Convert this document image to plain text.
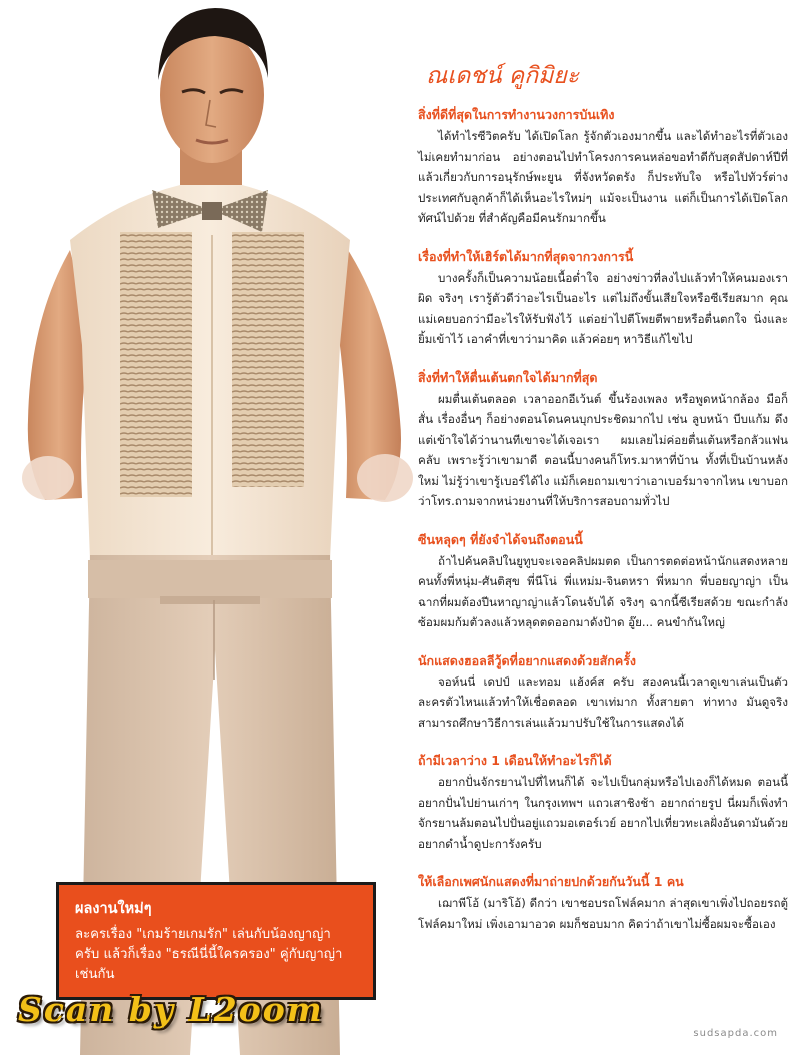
ณเดชน์ คูกิมิยะ

สิ่งที่ดีที่สุดในการทำงานวงการบันเทิง

ได้ทำไรซีวิตครับ ได้เปิดโลก รู้จักตัวเองมากขึ้น และได้ทำอะไรที่ตัวเองไม่เคยทำมาก่อน อย่างตอนไปทำโครงการคนหล่อขอทำดีกับสุดสัปดาห์ปีที่แล้วเกี่ยวกับการอนุรักษ์พะยูน ที่จังหวัดตรัง ก็ประทับใจ หรือไปทัวร์ต่างประเทศกับลูกค้าก็ได้เห็นอะไรใหม่ๆ แม้จะเป็นงาน แต่ก็เป็นการได้เปิดโลกทัศน์ไปด้วย ที่สำคัญคือมีคนรักมากขึ้น

เรื่องที่ทำให้เฮิร์ตได้มากที่สุดจากวงการนี้

บางครั้งก็เป็นความน้อยเนื้อต่ำใจ อย่างข่าวที่ลงไปแล้วทำให้คนมองเราผิด จริงๆ เรารู้ตัวดีว่าอะไรเป็นอะไร แต่ไม่ถึงขั้นเสียใจหรือซีเรียสมาก คุณแม่เคยบอกว่ามีอะไรให้รับฟังไว้ แต่อย่าไปตีโพยตีพายหรือตื่นตกใจ นิ่งและยิ้มเข้าไว้ เอาคำที่เขาว่ามาคิด แล้วค่อยๆ หาวิธีแก้ไขไป

สิ่งที่ทำให้ตื่นเต้นตกใจได้มากที่สุด

ผมตื่นเต้นตลอด เวลาออกอีเว้นต์ ขึ้นร้องเพลง หรือพูดหน้ากล้อง มือก็สั่น เรื่องอื่นๆ ก็อย่างตอนโดนคนบุกประชิดมากไป เช่น ลูบหน้า บีบแก้ม ดึง แต่เข้าใจได้ว่านานทีเขาจะได้เจอเรา ผมเลยไม่ค่อยตื่นเต้นหรือกลัวแฟนคลับ เพราะรู้ว่าเขามาดี ตอนนี้บางคนก็โทร.มาหาที่บ้าน ทั้งที่เป็นบ้านหลังใหม่ ไม่รู้ว่าเขารู้เบอร์ได้ไง แม้ก็เคยถามเขาว่าเอาเบอร์มาจากไหน เขาบอกว่าโทร.ถามจากหน่วยงานที่ให้บริการสอบถามทั่วไป

ซีนหลุดๆ ที่ยังจำได้จนถึงตอนนี้

ถ้าไปค้นคลิปในยูทูบจะเจอคลิปผมตด เป็นการตดต่อหน้านักแสดงหลายคนทั้งพี่หนุ่ม-ศันติสุข พี่นีโน่ พี่แหม่ม-จินตหรา พี่หมาก พี่บอยญาญ่า เป็นฉากที่ผมต้องปีนหาญาญ่าแล้วโดนจับได้ จริงๆ ฉากนี้ซีเรียสด้วย ขณะกำลังซ้อมผมก้มตัวลงแล้วหลุดตดออกมาดังป้าด อู๊ย... คนขำกันใหญ่

นักแสดงฮอลลีวู้ดที่อยากแสดงด้วยสักครั้ง

จอห์นนี่ เดปป์ และทอม แฮ้งค์ส ครับ สองคนนี้เวลาดูเขาเล่นเป็นตัวละครตัวไหนแล้วทำให้เชื่อตลอด เขาเท่มาก ทั้งสายตา ท่าทาง มันดูจริง สามารถศึกษาวิธีการเล่นแล้วมาปรับใช้ในการแสดงได้

ถ้ามีเวลาว่าง 1 เดือนให้ทำอะไรก็ได้

อยากปั่นจักรยานไปที่ไหนก็ได้ จะไปเป็นกลุ่มหรือไปเองก็ได้หมด ตอนนี้อยากปั่นไปย่านเก่าๆ ในกรุงเทพฯ แถวเสาชิงช้า อยากถ่ายรูป นี่ผมก็เพิ่งทำจักรยานล้มตอนไปปั่นอยู่แถวมอเตอร์เวย์ อยากไปเที่ยวทะเลฝั่งอันดามันด้วย อยากดำน้ำดูปะการังครับ

ให้เลือกเพศนักแสดงที่มาถ่ายปกด้วยกันวันนี้ 1 คน

เฌาพีโอ้ (มาริโอ้) ดีกว่า เขาชอบรถโฟล์คมาก ล่าสุดเขาเพิ่งไปถอยรถตู้โฟล์คมาใหม่ เพิ่งเอามาอวด ผมก็ชอบมาก คิดว่าถ้าเขาไม่ซื้อผมจะซื้อเอง

ผลงานใหม่ๆ
ละครเรื่อง "เกมร้ายเกมรัก" เล่นกับน้องญาญ่า ครับ แล้วก็เรื่อง "ธรณีนี่นี้ใครครอง" คู่กับญาญ่าเช่นกัน
Scan by L2oom
sudsapda.com
